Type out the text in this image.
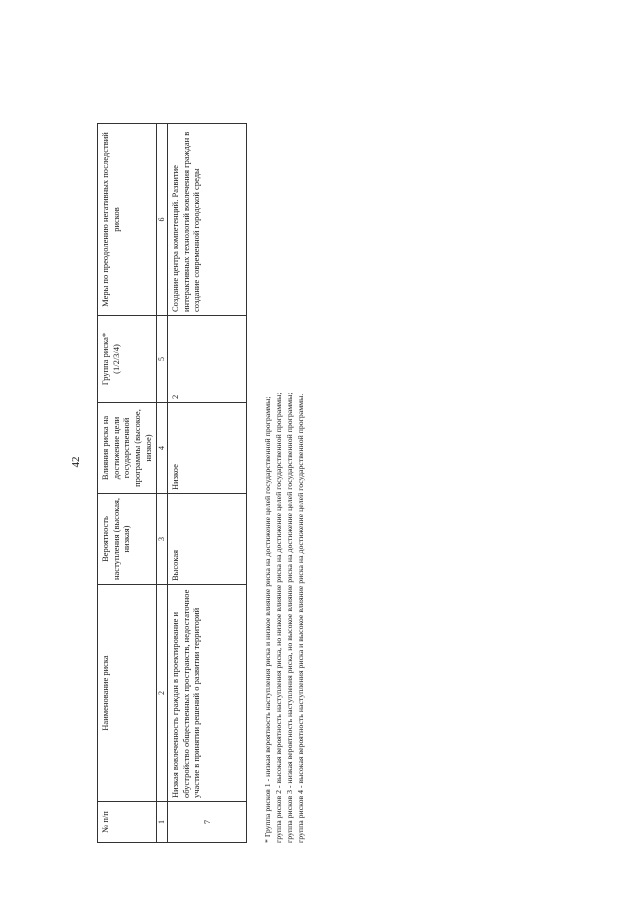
42
№ п/п	Наименование риска	Вероятность наступления (высокая, низкая)	Влияния риска на достижение цели государственной программы (высокое, низкое)	Группа риска* (1/2/3/4)	Меры по преодолению негативных последствий рисков
1	2	3	4	5	6
7	Низкая вовлеченность граждан в проектирование и обустройство общественных пространств, недостаточное участие в принятии решений о развитии территорий	Высокая	Низкое	2	Создание центра компетенций. Развитие интерактивных технологий вовлечения граждан в создание современной городской среды
* Группа рисков 1 - низкая вероятность наступления риска и низкое влияние риска на достижение целей государственной программы; группа рисков 2 - высокая вероятность наступления риска, но низкое влияние риска на достижение целей государственной программы; группа рисков 3 - низкая вероятность наступления риска, но высокое влияние риска на достижение целей государственной программы; группа рисков 4 - высокая вероятность наступления риска и высокое влияние риска на достижение целей государственной программы.
